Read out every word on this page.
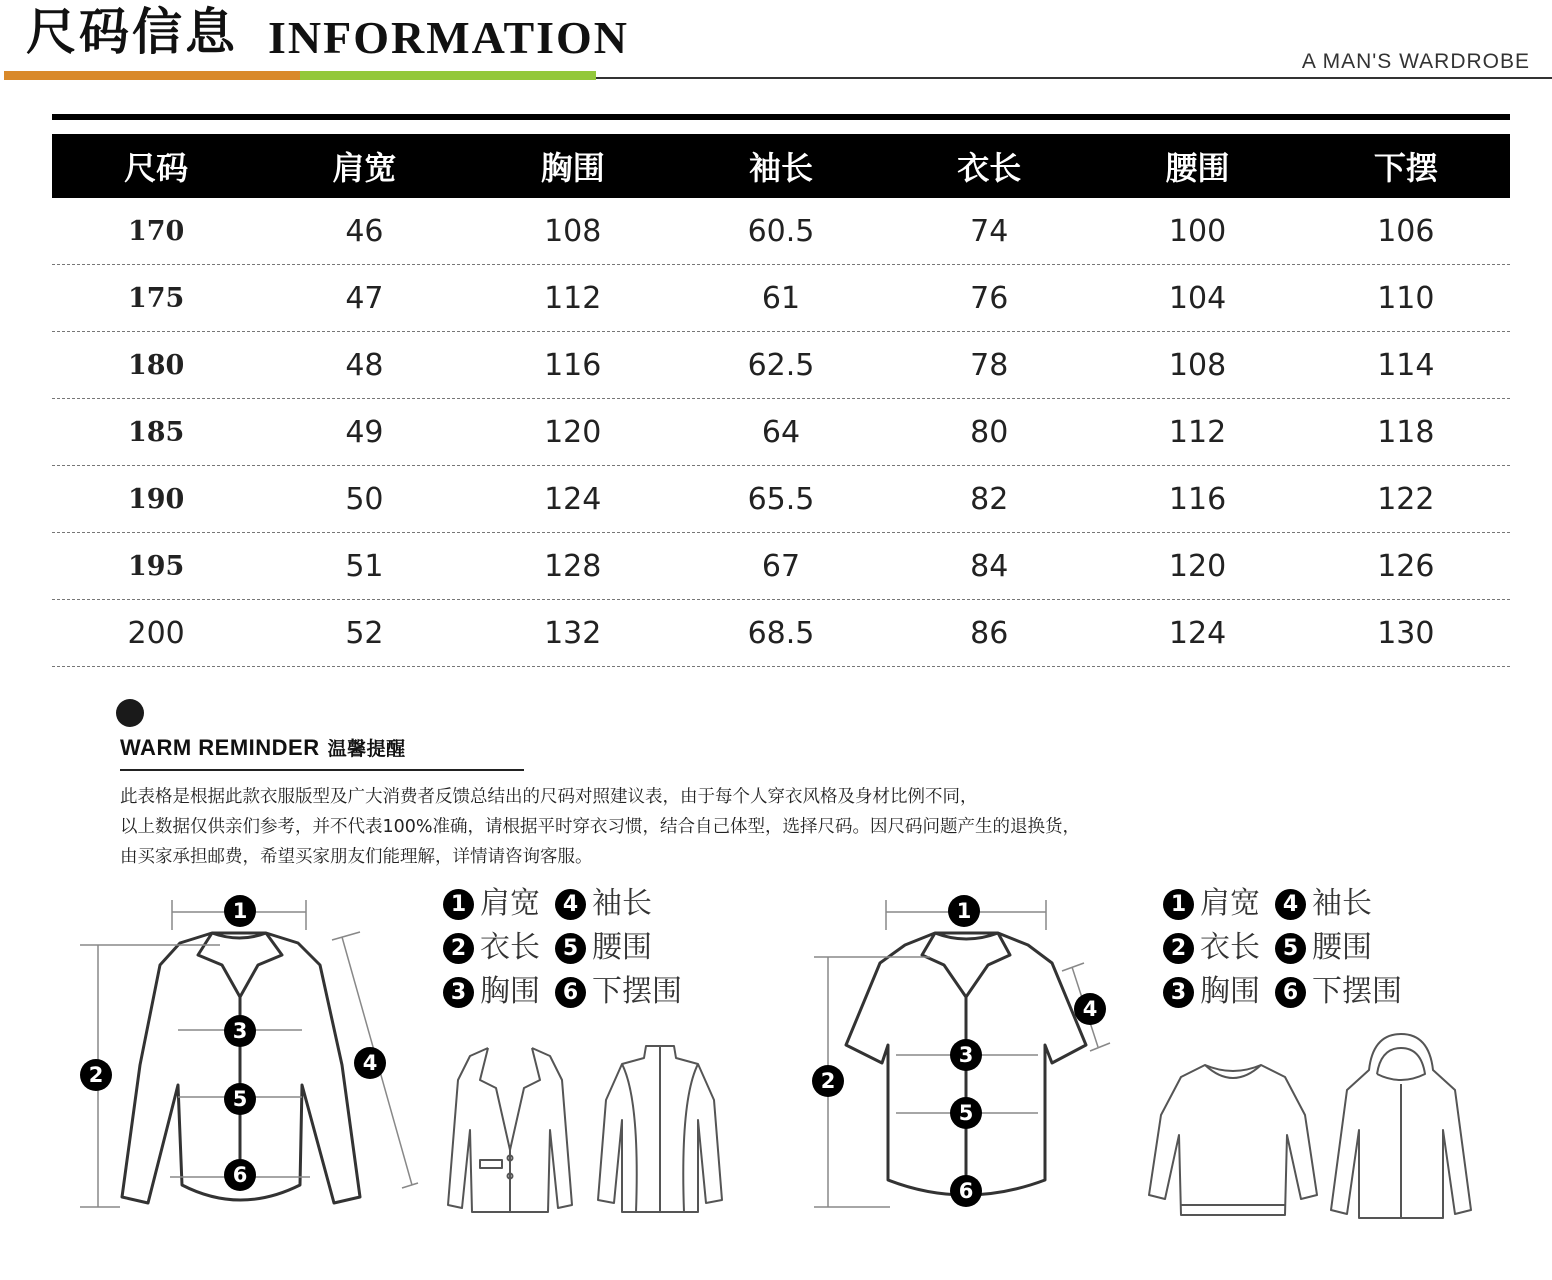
尺码信息 INFORMATION	A MAN'S WARDROBE
尺码	肩宽	胸围	袖长	衣长	腰围	下摆
170	46	108	60.5	74	100	106
175	47	112	61	76	104	110
180	48	116	62.5	78	108	114
185	49	120	64	80	112	118
190	50	124	65.5	82	116	122
195	51	128	67	84	120	126
200	52	132	68.5	86	124	130
WARM REMINDER 温馨提醒
此表格是根据此款衣服版型及广大消费者反馈总结出的尺码对照建议表，由于每个人穿衣风格及身材比例不同，
以上数据仅供亲们参考，并不代表100%准确，请根据平时穿衣习惯，结合自己体型，选择尺码。因尺码问题产生的退换货，
由买家承担邮费，希望买家朋友们能理解，详情请咨询客服。
1 肩宽 4 袖长
2 衣长 5 腰围
3 胸围 6 下摆围
1 肩宽 4 袖长
2 衣长 5 腰围
3 胸围 6 下摆围
1
2
3
4
5
6
1
2
3
4
5
6
